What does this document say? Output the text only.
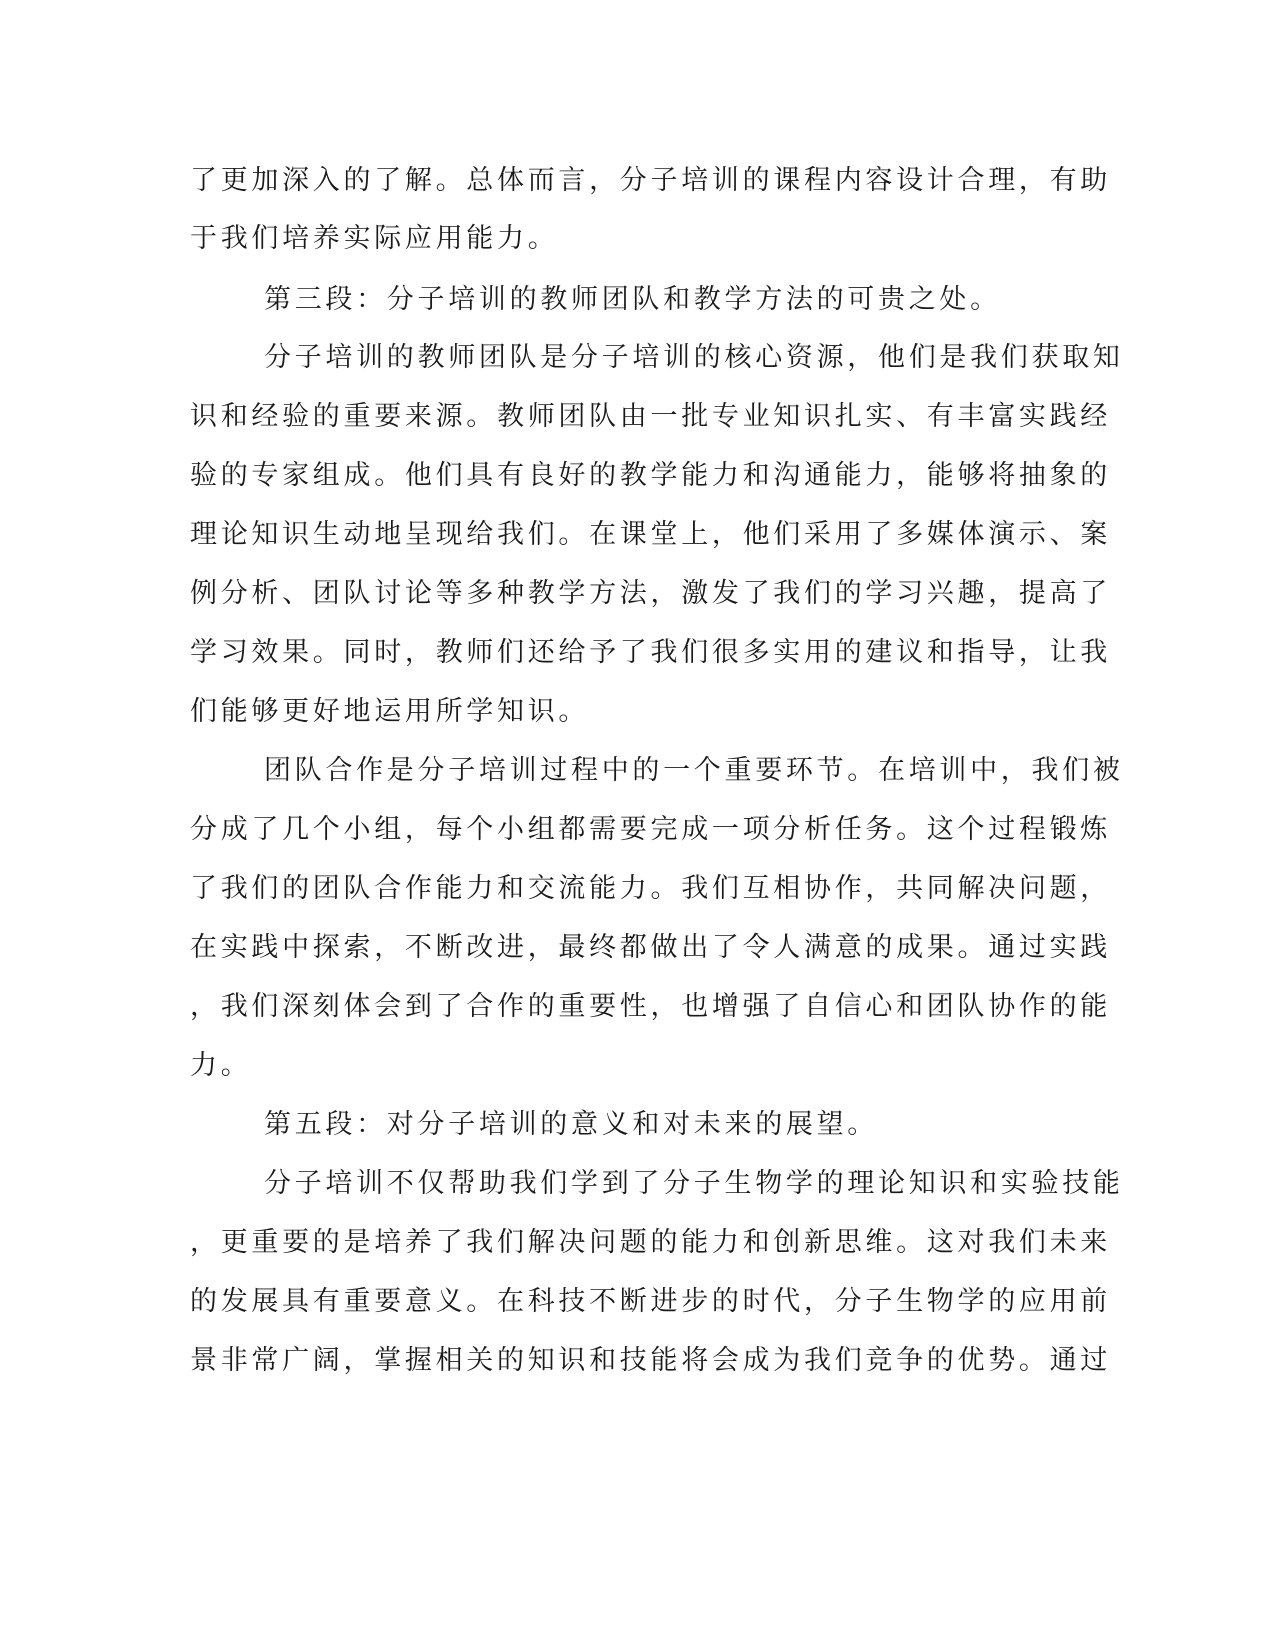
了更加深入的了解。总体而言，分子培训的课程内容设计合理，有助
于我们培养实际应用能力。
第三段：分子培训的教师团队和教学方法的可贵之处。
分子培训的教师团队是分子培训的核心资源，他们是我们获取知
识和经验的重要来源。教师团队由一批专业知识扎实、有丰富实践经
验的专家组成。他们具有良好的教学能力和沟通能力，能够将抽象的
理论知识生动地呈现给我们。在课堂上，他们采用了多媒体演示、案
例分析、团队讨论等多种教学方法，激发了我们的学习兴趣，提高了
学习效果。同时，教师们还给予了我们很多实用的建议和指导，让我
们能够更好地运用所学知识。
团队合作是分子培训过程中的一个重要环节。在培训中，我们被
分成了几个小组，每个小组都需要完成一项分析任务。这个过程锻炼
了我们的团队合作能力和交流能力。我们互相协作，共同解决问题，
在实践中探索，不断改进，最终都做出了令人满意的成果。通过实践
，我们深刻体会到了合作的重要性，也增强了自信心和团队协作的能
力。
第五段：对分子培训的意义和对未来的展望。
分子培训不仅帮助我们学到了分子生物学的理论知识和实验技能
，更重要的是培养了我们解决问题的能力和创新思维。这对我们未来
的发展具有重要意义。在科技不断进步的时代，分子生物学的应用前
景非常广阔，掌握相关的知识和技能将会成为我们竞争的优势。通过
